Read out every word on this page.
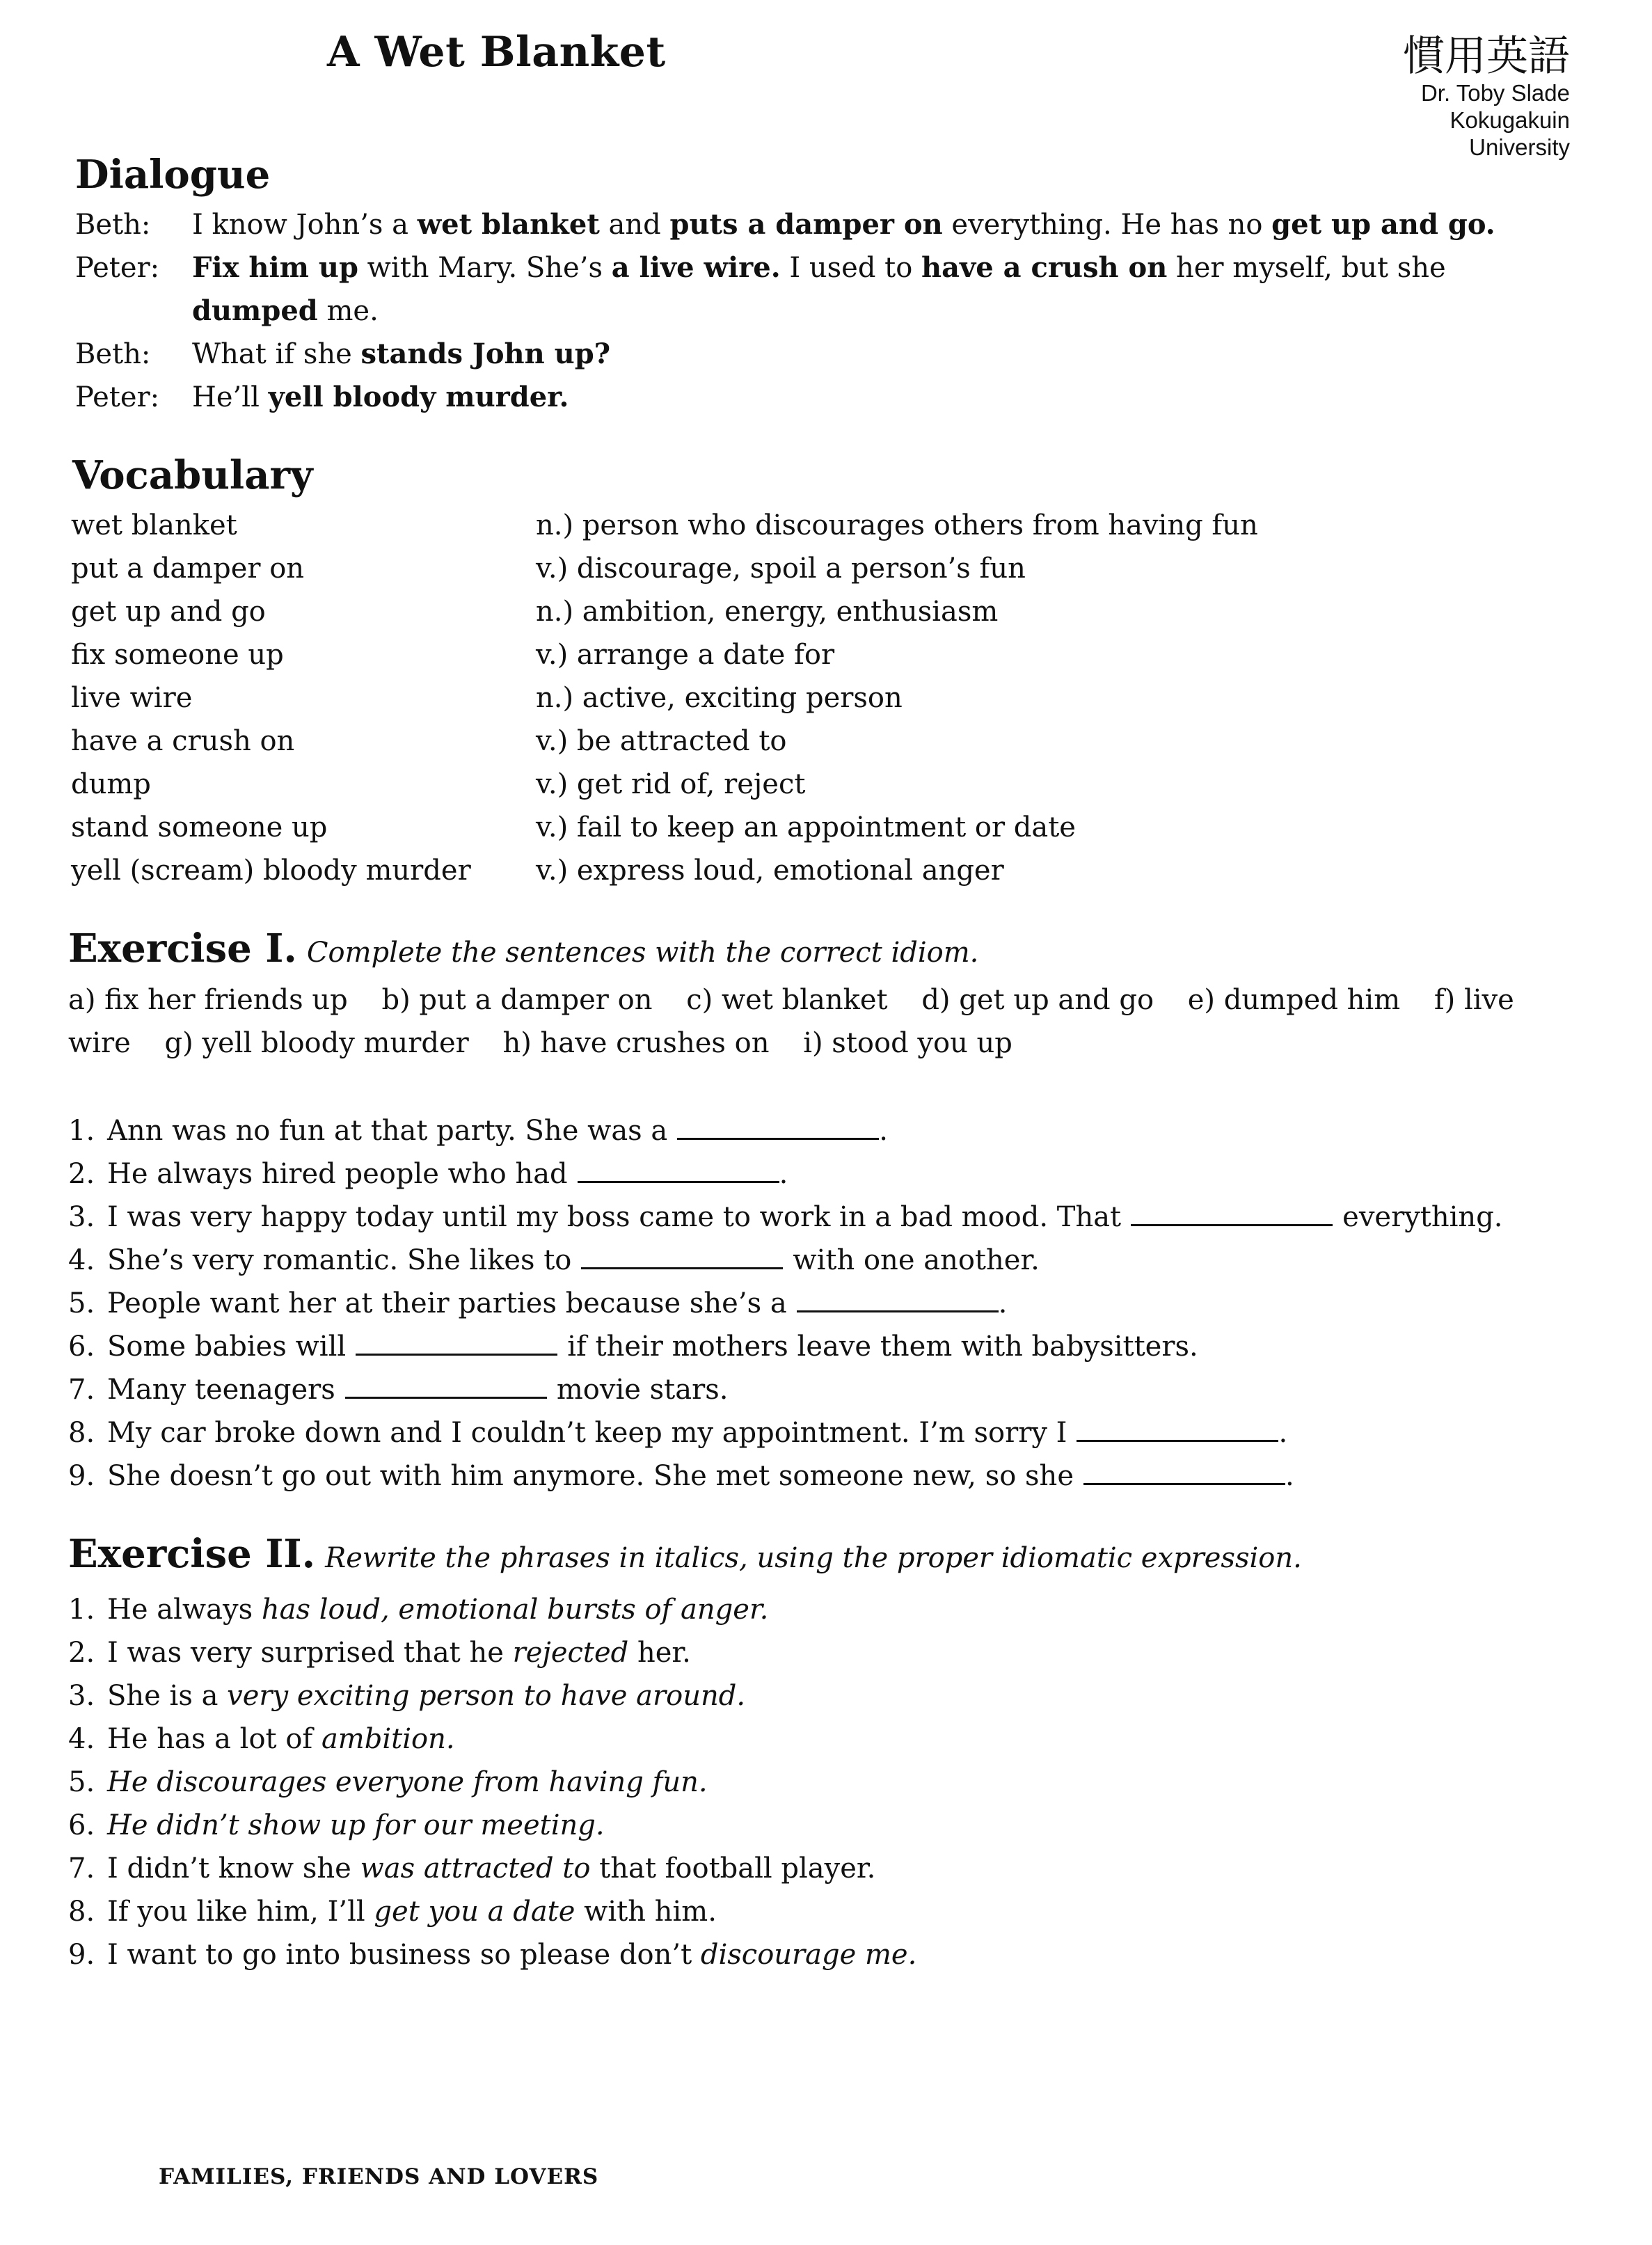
A Wet Blanket	慣用英語
Dr. Toby Slade
Kokugakuin
University
Dialogue
Beth:	I know John’s a wet blanket and puts a damper on everything. He has no get up and go.
Peter:	Fix him up with Mary. She’s a live wire. I used to have a crush on her myself, but she dumped me.
Beth:	What if she stands John up?
Peter:	He’ll yell bloody murder.
Vocabulary
wet blanket	n.) person who discourages others from having fun
put a damper on	v.) discourage, spoil a person’s fun
get up and go	n.) ambition, energy, enthusiasm
fix someone up	v.) arrange a date for
live wire	n.) active, exciting person
have a crush on	v.) be attracted to
dump	v.) get rid of, reject
stand someone up	v.) fail to keep an appointment or date
yell (scream) bloody murder	v.) express loud, emotional anger
Exercise I. Complete the sentences with the correct idiom.
a) fix her friends up b) put a damper on c) wet blanket d) get up and go e) dumped him f) live wire g) yell bloody murder h) have crushes on i) stood you up
1. Ann was no fun at that party. She was a	.
2. He always hired people who had	.
3. I was very happy today until my boss came to work in a bad mood. That	everything.
4. She’s very romantic. She likes to	with one another.
5. People want her at their parties because she’s a	.
6. Some babies will	if their mothers leave them with babysitters.
7. Many teenagers	movie stars.
8. My car broke down and I couldn’t keep my appointment. I’m sorry I	.
9. She doesn’t go out with him anymore. She met someone new, so she	.
Exercise II. Rewrite the phrases in italics, using the proper idiomatic expression.
1. He always has loud, emotional bursts of anger.
2. I was very surprised that he rejected her.
3. She is a very exciting person to have around.
4. He has a lot of ambition.
5. He discourages everyone from having fun.
6. He didn’t show up for our meeting.
7. I didn’t know she was attracted to that football player.
8. If you like him, I’ll get you a date with him.
9. I want to go into business so please don’t discourage me.
FAMILIES, FRIENDS AND LOVERS
